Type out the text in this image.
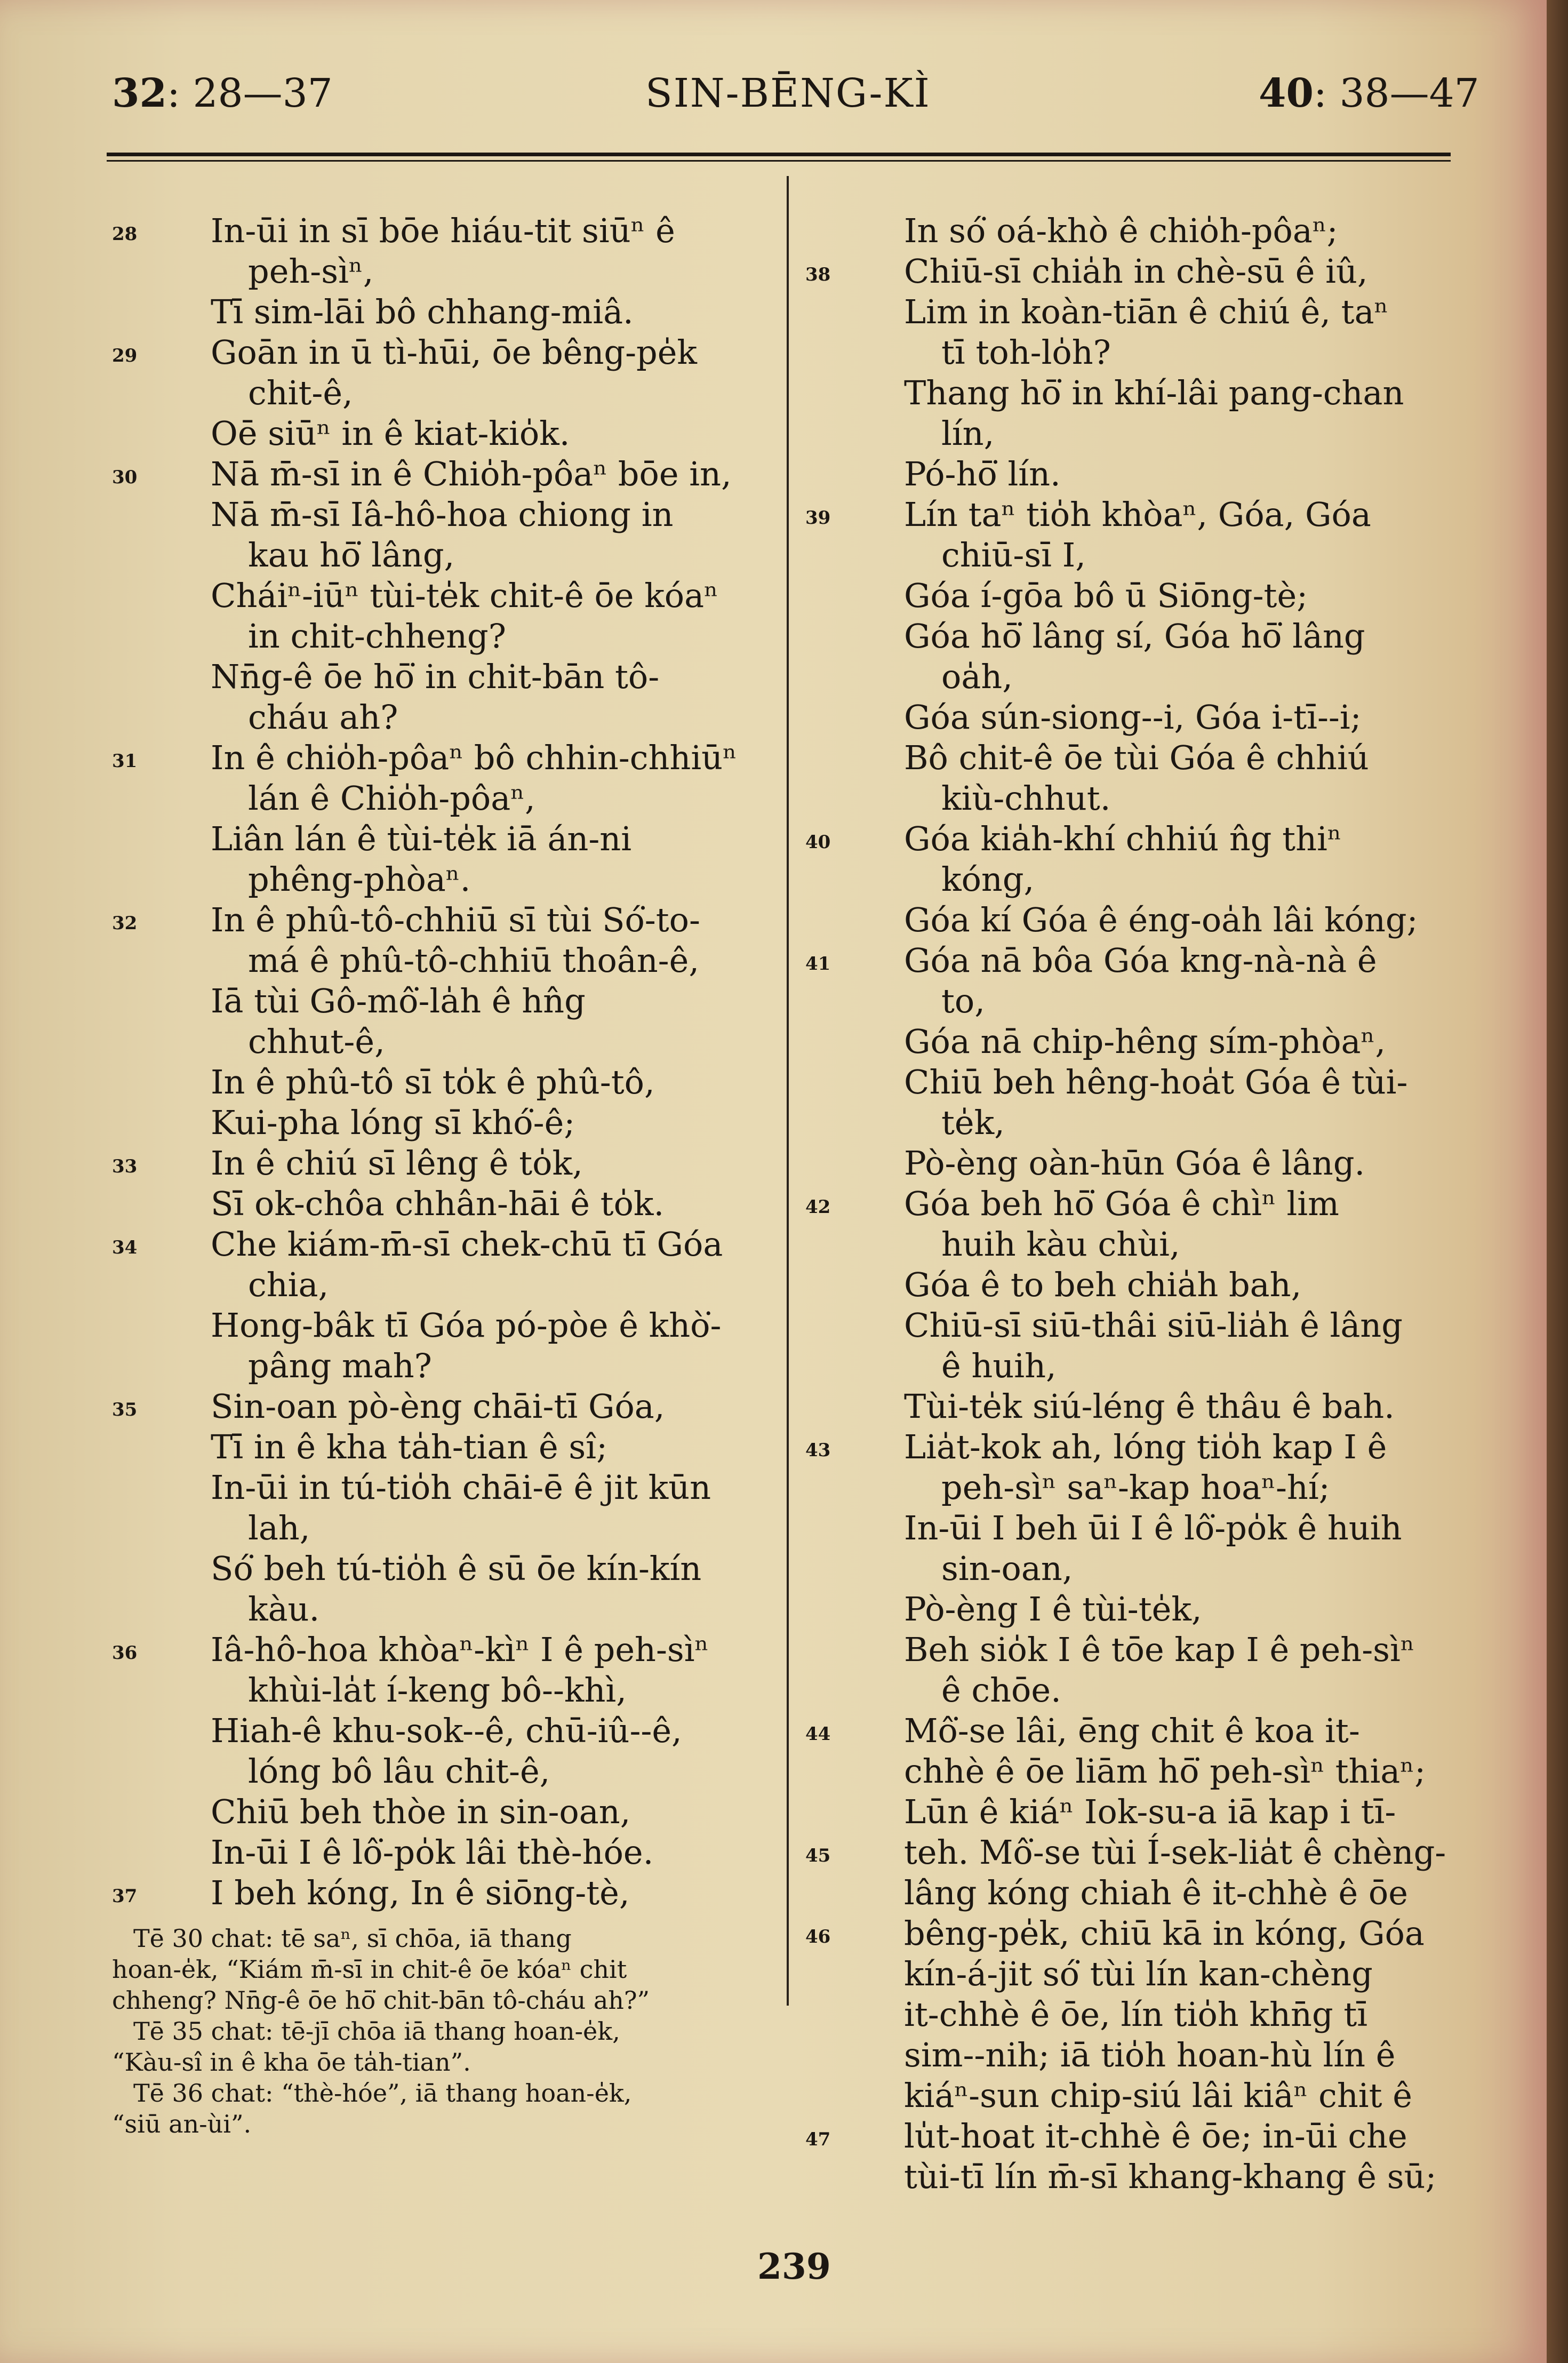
32: 28—37	SIN-BĒNG-KÌ	40: 38—47
28 In-ūi in sī bōe hiáu-tit siūⁿ ê
peh-sìⁿ,
Tī sim-lāi bô chhang-miâ.
29 Goān in ū tì-hūi, ōe bêng-pe̍k
chit-ê,
Oē siūⁿ in ê kiat-kio̍k.
30 Nā m̄-sī in ê Chio̍h-pôaⁿ bōe in,
Nā m̄-sī Iâ-hô-hoa chiong in
kau hō͘ lâng,
Cháiⁿ-iūⁿ tùi-te̍k chit-ê ōe kóaⁿ
in chit-chheng?
Nn̄g-ê ōe hō͘ in chit-bān tô-
cháu ah?
31 In ê chio̍h-pôaⁿ bô chhin-chhiūⁿ
lán ê Chio̍h-pôaⁿ,
Liân lán ê tùi-te̍k iā án-ni
phêng-phòaⁿ.
32 In ê phû-tô-chhiū sī tùi Só͘-to-
má ê phû-tô-chhiū thoân-ê,
Iā tùi Gô-mô͘-la̍h ê hn̂g
chhut-ê,
In ê phû-tô sī to̍k ê phû-tô,
Kui-pha lóng sī khó͘-ê;
33 In ê chiú sī lêng ê to̍k,
Sī ok-chôa chhân-hāi ê to̍k.
34 Che kiám-m̄-sī chek-chū tī Góa
chia,
Hong-bâk tī Góa pó-pòe ê khò͘-
pâng mah?
35 Sin-oan pò-èng chāi-tī Góa,
Tī in ê kha ta̍h-tian ê sî;
In-ūi in tú-tio̍h chāi-ē ê jit kūn
lah,
Só͘ beh tú-tio̍h ê sū ōe kín-kín
kàu.
36 Iâ-hô-hoa khòaⁿ-kìⁿ I ê peh-sìⁿ
khùi-la̍t í-keng bô--khì,
Hiah-ê khu-sok--ê, chū-iû--ê,
lóng bô lâu chit-ê,
Chiū beh thòe in sin-oan,
In-ūi I ê lô͘-po̍k lâi thè-hóe.
37 I beh kóng, In ê siōng-tè,
In só͘ oá-khò ê chio̍h-pôaⁿ;
38 Chiū-sī chia̍h in chè-sū ê iû,
Lim in koàn-tiān ê chiú ê, taⁿ
tī toh-lo̍h?
Thang hō͘ in khí-lâi pang-chan
lín,
Pó-hō͘ lín.
39 Lín taⁿ tio̍h khòaⁿ, Góa, Góa
chiū-sī I,
Góa í-gōa bô ū Siōng-tè;
Góa hō͘ lâng sí, Góa hō͘ lâng
oa̍h,
Góa sún-siong--i, Góa i-tī--i;
Bô chit-ê ōe tùi Góa ê chhiú
kiù-chhut.
40 Góa kia̍h-khí chhiú n̂g thiⁿ
kóng,
Góa kí Góa ê éng-oa̍h lâi kóng;
41 Góa nā bôa Góa kng-nà-nà ê
to,
Góa nā chip-hêng sím-phòaⁿ,
Chiū beh hêng-hoa̍t Góa ê tùi-
te̍k,
Pò-èng oàn-hūn Góa ê lâng.
42 Góa beh hō͘ Góa ê chìⁿ lim
huih kàu chùi,
Góa ê to beh chia̍h bah,
Chiū-sī siū-thâi siū-lia̍h ê lâng
ê huih,
Tùi-te̍k siú-léng ê thâu ê bah.
43 Lia̍t-kok ah, lóng tio̍h kap I ê
peh-sìⁿ saⁿ-kap hoaⁿ-hí;
In-ūi I beh ūi I ê lô͘-po̍k ê huih
sin-oan,
Pò-èng I ê tùi-te̍k,
Beh sio̍k I ê tōe kap I ê peh-sìⁿ
ê chōe.
44 Mô͘-se lâi, ēng chit ê koa it-
chhè ê ōe liām hō͘ peh-sìⁿ thiaⁿ;
Lūn ê kiáⁿ Iok-su-a iā kap i tī-
45 teh. Mô͘-se tùi Í-sek-lia̍t ê chèng-
lâng kóng chiah ê it-chhè ê ōe
46 bêng-pe̍k, chiū kā in kóng, Góa
kín-á-jit só͘ tùi lín kan-chèng
it-chhè ê ōe, lín tio̍h khn̄g tī
sim--nih; iā tio̍h hoan-hù lín ê
kiáⁿ-sun chip-siú lâi kiâⁿ chit ê
47 lu̍t-hoat it-chhè ê ōe; in-ūi che
tùi-tī lín m̄-sī khang-khang ê sū;
Tē 30 chat: tē saⁿ, sī chōa, iā thang
hoan-e̍k, “Kiám m̄-sī in chit-ê ōe kóaⁿ chit
chheng? Nn̄g-ê ōe hō͘ chit-bān tô-cháu ah?”
Tē 35 chat: tē-jī chōa iā thang hoan-e̍k,
“Kàu-sî in ê kha ōe ta̍h-tian”.
Tē 36 chat: “thè-hóe”, iā thang hoan-e̍k,
“siū an-ùi”.
239
